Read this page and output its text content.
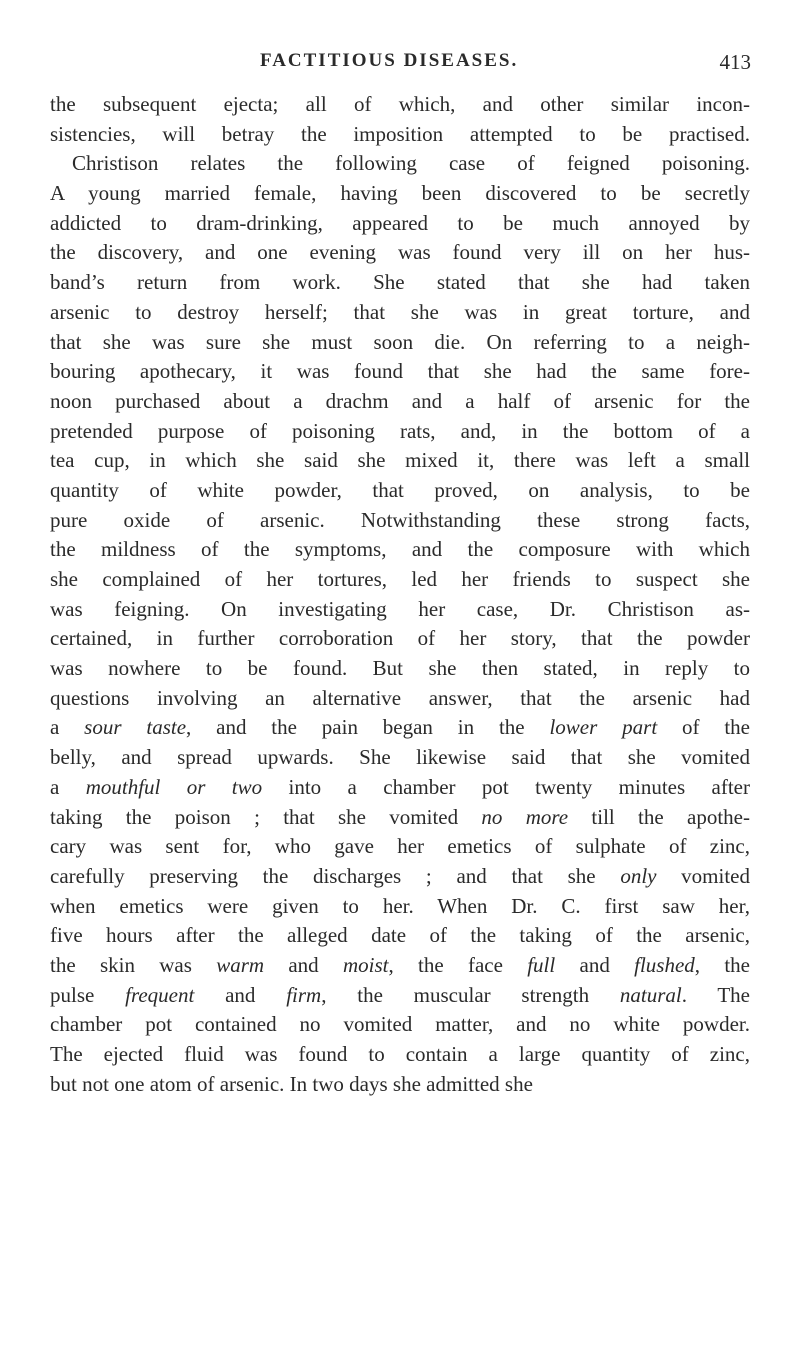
FACTITIOUS DISEASES.	413
the subsequent ejecta; all of which, and other similar incon-
sistencies, will betray the imposition attempted to be practised.
Christison relates the following case of feigned poisoning.
A young married female, having been discovered to be secretly
addicted to dram-drinking, appeared to be much annoyed by
the discovery, and one evening was found very ill on her hus-
band’s return from work. She stated that she had taken
arsenic to destroy herself; that she was in great torture, and
that she was sure she must soon die. On referring to a neigh-
bouring apothecary, it was found that she had the same fore-
noon purchased about a drachm and a half of arsenic for the
pretended purpose of poisoning rats, and, in the bottom of a
tea cup, in which she said she mixed it, there was left a small
quantity of white powder, that proved, on analysis, to be
pure oxide of arsenic. Notwithstanding these strong facts,
the mildness of the symptoms, and the composure with which
she complained of her tortures, led her friends to suspect she
was feigning. On investigating her case, Dr. Christison as-
certained, in further corroboration of her story, that the powder
was nowhere to be found. But she then stated, in reply to
questions involving an alternative answer, that the arsenic had
a sour taste, and the pain began in the lower part of the
belly, and spread upwards. She likewise said that she vomited
a mouthful or two into a chamber pot twenty minutes after
taking the poison ; that she vomited no more till the apothe-
cary was sent for, who gave her emetics of sulphate of zinc,
carefully preserving the discharges ; and that she only vomited
when emetics were given to her. When Dr. C. first saw her,
five hours after the alleged date of the taking of the arsenic,
the skin was warm and moist, the face full and flushed, the
pulse frequent and firm, the muscular strength natural. The
chamber pot contained no vomited matter, and no white powder.
The ejected fluid was found to contain a large quantity of zinc,
but not one atom of arsenic. In two days she admitted she
